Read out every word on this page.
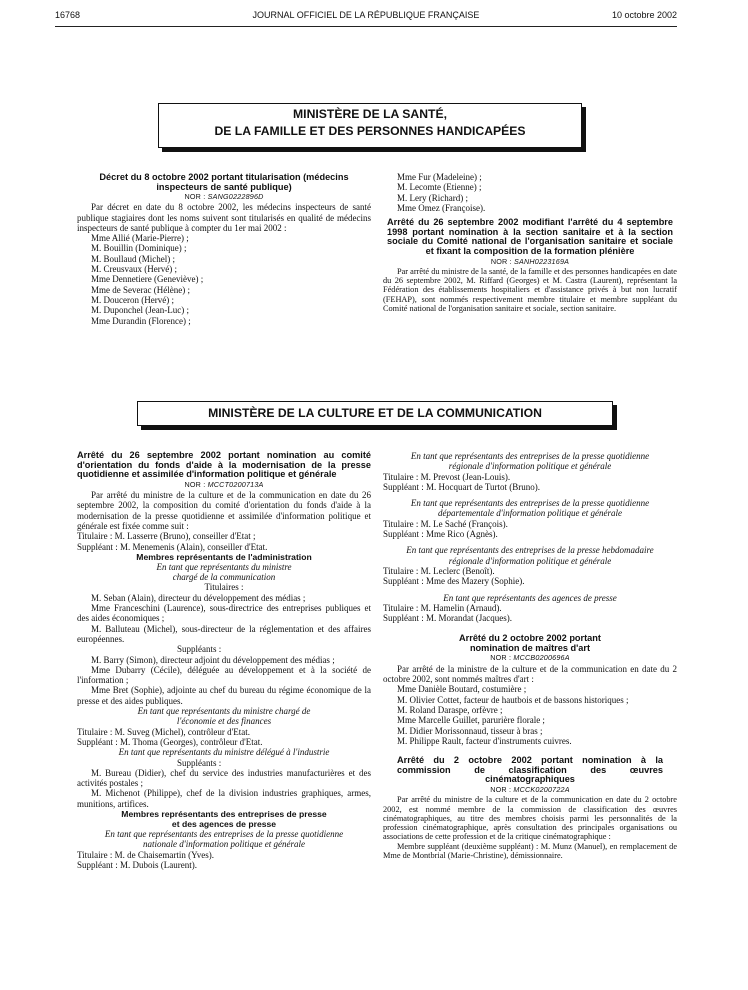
16768	JOURNAL OFFICIEL DE LA RÉPUBLIQUE FRANÇAISE	10 octobre 2002
MINISTÈRE DE LA SANTÉ,
DE LA FAMILLE ET DES PERSONNES HANDICAPÉES

Décret du 8 octobre 2002 portant titularisation (médecins inspecteurs de santé publique)

NOR : SANG0222896D

Par décret en date du 8 octobre 2002, les médecins inspecteurs de santé publique stagiaires dont les noms suivent sont titularisés en qualité de médecins inspecteurs de santé publique à compter du 1er mai 2002 :

Mme Allié (Marie-Pierre) ;

M. Bouillin (Dominique) ;

M. Boullaud (Michel) ;

M. Creusvaux (Hervé) ;

Mme Dennetiere (Geneviève) ;

Mme de Severac (Hélène) ;

M. Douceron (Hervé) ;

M. Duponchel (Jean-Luc) ;

Mme Durandin (Florence) ;

Mme Fur (Madeleine) ;

M. Lecomte (Etienne) ;

M. Lery (Richard) ;

Mme Omez (Françoise).

Arrêté du 26 septembre 2002 modifiant l'arrêté du 4 septembre 1998 portant nomination à la section sanitaire et à la section sociale du Comité national de l'organisation sanitaire et sociale et fixant la composition de la formation plénière

NOR : SANH0223169A

Par arrêté du ministre de la santé, de la famille et des personnes handicapées en date du 26 septembre 2002, M. Riffard (Georges) et M. Castra (Laurent), représentant la Fédération des établissements hospitaliers et d'assistance privés à but non lucratif (FEHAP), sont nommés respectivement membre titulaire et membre suppléant du Comité national de l'organisation sanitaire et sociale, section sanitaire.

MINISTÈRE DE LA CULTURE ET DE LA COMMUNICATION

Arrêté du 26 septembre 2002 portant nomination au comité d'orientation du fonds d'aide à la modernisation de la presse quotidienne et assimilée d'information politique et générale

NOR : MCCT0200713A

Par arrêté du ministre de la culture et de la communication en date du 26 septembre 2002, la composition du comité d'orientation du fonds d'aide à la modernisation de la presse quotidienne et assimilée d'information politique et générale est fixée comme suit :

Titulaire : M. Lasserre (Bruno), conseiller d'Etat ;

Suppléant : M. Menemenis (Alain), conseiller d'Etat.

Membres représentants de l'administration

En tant que représentants du ministre chargé de la communication

Titulaires :

M. Seban (Alain), directeur du développement des médias ;

Mme Franceschini (Laurence), sous-directrice des entreprises publiques et des aides économiques ;

M. Balluteau (Michel), sous-directeur de la réglementation et des affaires européennes.

Suppléants :

M. Barry (Simon), directeur adjoint du développement des médias ;

Mme Dubarry (Cécile), déléguée au développement et à la société de l'information ;

Mme Bret (Sophie), adjointe au chef du bureau du régime économique de la presse et des aides publiques.

En tant que représentants du ministre chargé de l'économie et des finances

Titulaire : M. Suveg (Michel), contrôleur d'Etat.

Suppléant : M. Thoma (Georges), contrôleur d'Etat.

En tant que représentants du ministre délégué à l'industrie

Suppléants :

M. Bureau (Didier), chef du service des industries manufacturières et des activités postales ;

M. Michenot (Philippe), chef de la division industries graphiques, armes, munitions, artifices.

Membres représentants des entreprises de presse et des agences de presse

En tant que représentants des entreprises de la presse quotidienne nationale d'information politique et générale

Titulaire : M. de Chaisemartin (Yves).

Suppléant : M. Dubois (Laurent).

En tant que représentants des entreprises de la presse quotidienne régionale d'information politique et générale

Titulaire : M. Prevost (Jean-Louis).

Suppléant : M. Hocquart de Turtot (Bruno).

En tant que représentants des entreprises de la presse quotidienne départementale d'information politique et générale

Titulaire : M. Le Saché (François).

Suppléant : Mme Rico (Agnès).

En tant que représentants des entreprises de la presse hebdomadaire régionale d'information politique et générale

Titulaire : M. Leclerc (Benoît).

Suppléant : Mme des Mazery (Sophie).

En tant que représentants des agences de presse

Titulaire : M. Hamelin (Arnaud).

Suppléant : M. Morandat (Jacques).

Arrêté du 2 octobre 2002 portant nomination de maîtres d'art

NOR : MCCB0200696A

Par arrêté de la ministre de la culture et de la communication en date du 2 octobre 2002, sont nommés maîtres d'art :

Mme Danièle Boutard, costumière ;

M. Olivier Cottet, facteur de hautbois et de bassons historiques ;

M. Roland Daraspe, orfèvre ;

Mme Marcelle Guillet, parurière florale ;

M. Didier Morissonnaud, tisseur à bras ;

M. Philippe Rault, facteur d'instruments cuivres.

Arrêté du 2 octobre 2002 portant nomination à la commission de classification des œuvres cinématographiques

NOR : MCCK0200722A

Par arrêté du ministre de la culture et de la communication en date du 2 octobre 2002, est nommé membre de la commission de classification des œuvres cinématographiques, au titre des membres choisis parmi les personnalités de la profession cinématographique, après consultation des principales organisations ou associations de cette profession et de la critique cinématographique :

Membre suppléant (deuxième suppléant) : M. Munz (Manuel), en remplacement de Mme de Montbrial (Marie-Christine), démissionnaire.
